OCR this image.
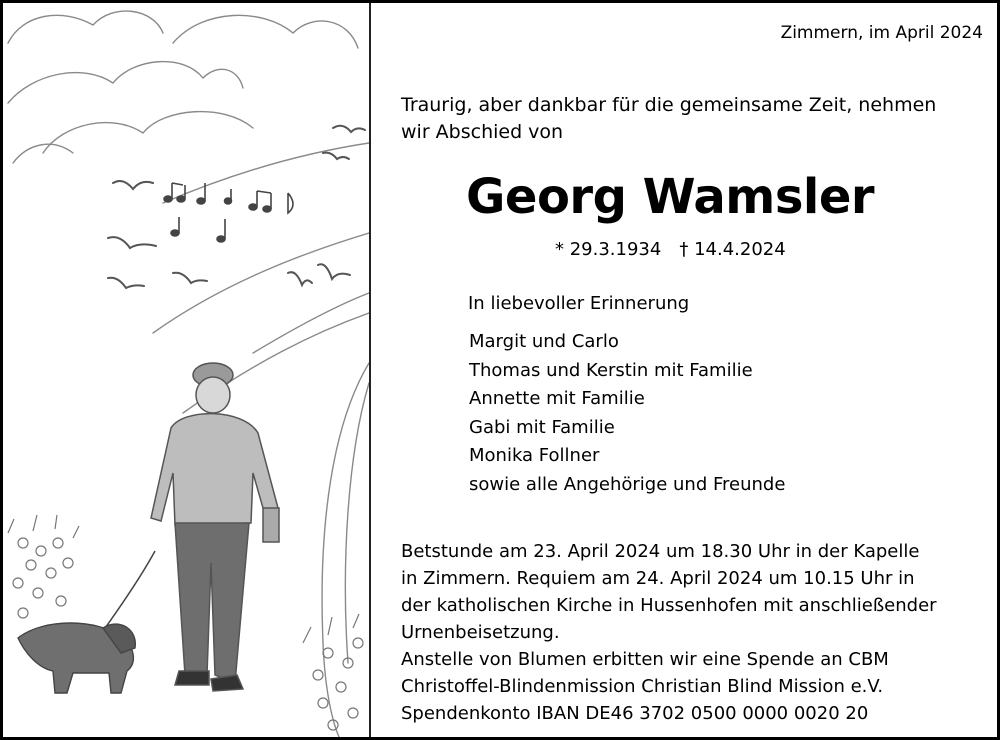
Zimmern, im April 2024
Traurig, aber dankbar für die gemeinsame Zeit, nehmen
wir Abschied von
Georg Wamsler
* 29.3.1934 † 14.4.2024
In liebevoller Erinnerung
Margit und Carlo
Thomas und Kerstin mit Familie
Annette mit Familie
Gabi mit Familie
Monika Follner
sowie alle Angehörige und Freunde
Betstunde am 23. April 2024 um 18.30 Uhr in der Kapelle
in Zimmern. Requiem am 24. April 2024 um 10.15 Uhr in
der katholischen Kirche in Hussenhofen mit anschließender
Urnenbeisetzung.
Anstelle von Blumen erbitten wir eine Spende an CBM
Christoffel-Blindenmission Christian Blind Mission e.V.
Spendenkonto IBAN DE46 3702 0500 0000 0020 20
